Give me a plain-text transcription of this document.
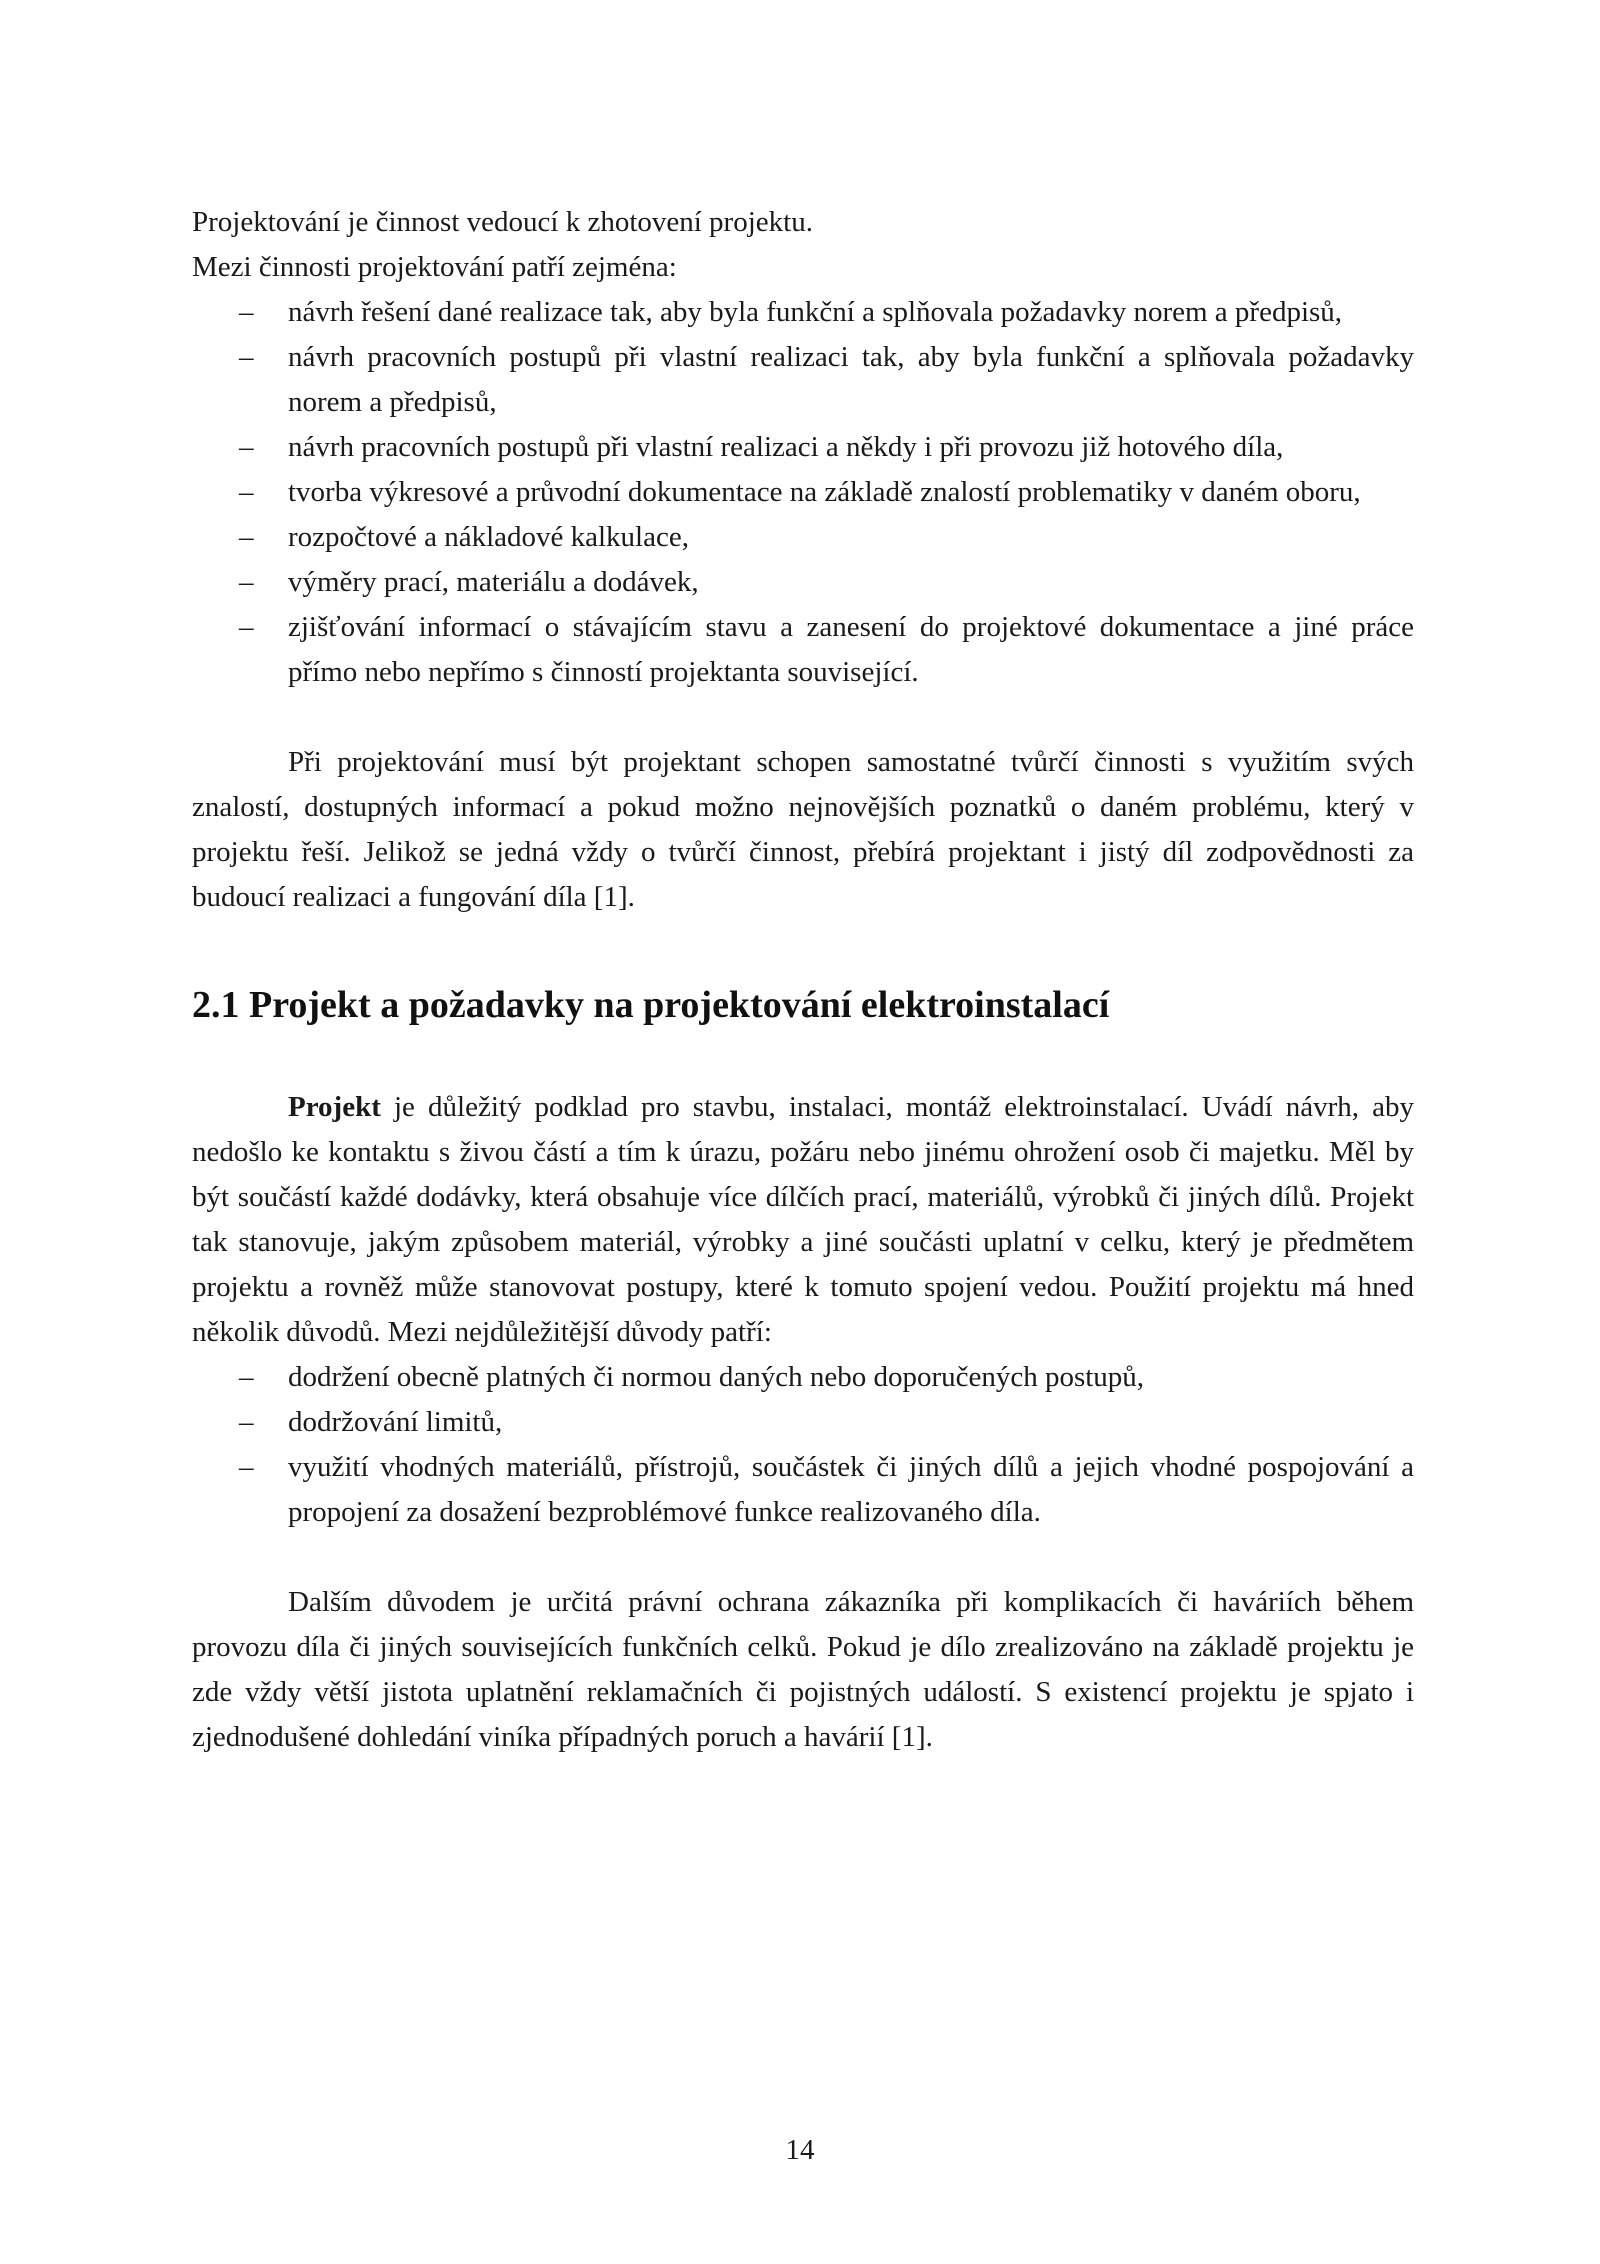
Projektování je činnost vedoucí k zhotovení projektu.

Mezi činnosti projektování patří zejména:

– návrh řešení dané realizace tak, aby byla funkční a splňovala požadavky norem a předpisů,
– návrh pracovních postupů při vlastní realizaci tak, aby byla funkční a splňovala požadavky norem a předpisů,
– návrh pracovních postupů při vlastní realizaci a někdy i při provozu již hotového díla,
– tvorba výkresové a průvodní dokumentace na základě znalostí problematiky v daném oboru,
– rozpočtové a nákladové kalkulace,
– výměry prací, materiálu a dodávek,
– zjišťování informací o stávajícím stavu a zanesení do projektové dokumentace a jiné práce přímo nebo nepřímo s činností projektanta související.

Při projektování musí být projektant schopen samostatné tvůrčí činnosti s využitím svých znalostí, dostupných informací a pokud možno nejnovějších poznatků o daném problému, který v projektu řeší. Jelikož se jedná vždy o tvůrčí činnost, přebírá projektant i jistý díl zodpovědnosti za budoucí realizaci a fungování díla [1].

2.1 Projekt a požadavky na projektování elektroinstalací

Projekt je důležitý podklad pro stavbu, instalaci, montáž elektroinstalací. Uvádí návrh, aby nedošlo ke kontaktu s živou částí a tím k úrazu, požáru nebo jinému ohrožení osob či majetku. Měl by být součástí každé dodávky, která obsahuje více dílčích prací, materiálů, výrobků či jiných dílů. Projekt tak stanovuje, jakým způsobem materiál, výrobky a jiné součásti uplatní v celku, který je předmětem projektu a rovněž může stanovovat postupy, které k tomuto spojení vedou. Použití projektu má hned několik důvodů. Mezi nejdůležitější důvody patří:

– dodržení obecně platných či normou daných nebo doporučených postupů,
– dodržování limitů,
– využití vhodných materiálů, přístrojů, součástek či jiných dílů a jejich vhodné pospojování a propojení za dosažení bezproblémové funkce realizovaného díla.

Dalším důvodem je určitá právní ochrana zákazníka při komplikacích či haváriích během provozu díla či jiných souvisejících funkčních celků. Pokud je dílo zrealizováno na základě projektu je zde vždy větší jistota uplatnění reklamačních či pojistných událostí. S existencí projektu je spjato i zjednodušené dohledání viníka případných poruch a havárií [1].

14
